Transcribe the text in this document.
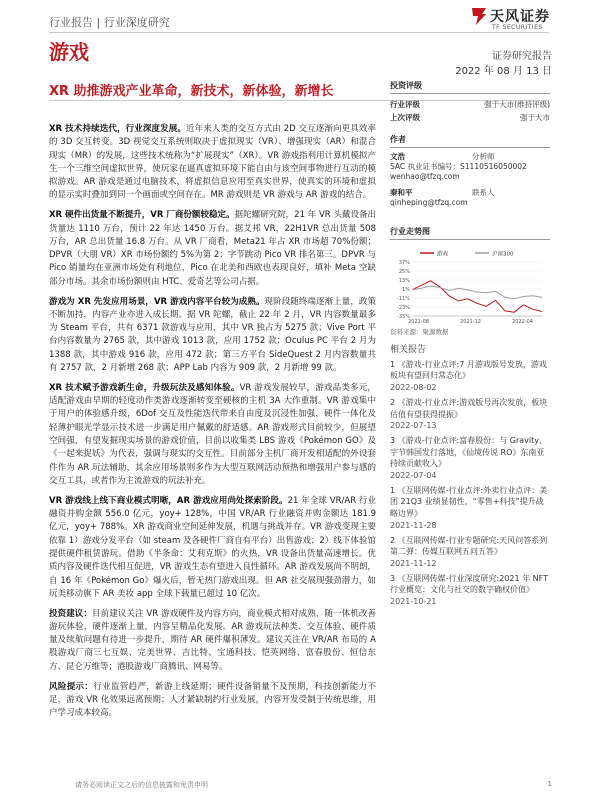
行业报告 | 行业深度研究	天风证券
TF SECURITIES
游戏	证券研究报告
2022 年 08 月 13 日
XR 助推游戏产业革命，新技术，新体验，新增长

XR 技术持续迭代，行业深度发展。近年来人类的交互方式由 2D 交互逐渐向更具效率的 3D 交互转变。3D 视觉交互系统则取决于虚拟现实（VR）、增强现实（AR）和混合现实（MR）的发展，这些技术统称为“扩展现实”（XR）。VR 游戏指利用计算机模拟产生一个三维空间虚拟世界，使玩家在逼真虚拟环境下能自由与该空间事物进行互动的模拟游戏。AR 游戏是通过电脑技术，将虚拟信息应用至真实世界，使真实的环境和虚拟的显示实时叠加到同一个画面或空间存在。MR 游戏则是 VR 游戏与 AR 游戏的结合。

XR 硬件出货量不断提升，VR 厂商份额较稳定。据陀螺研究院，21 年 VR 头戴设备出货量达 1110 万台，预计 22 年达 1450 万台。据艾邦 VR，22H1VR 总出货量 508 万台，AR 总出货量 16.8 万台。从 VR 厂商看，Meta21 年占 XR 市场超 70%份额；DPVR（大朋 VR）XR 市场份额约 5%为第 2；字节跳动 Pico VR 排名第三。DPVR 与 Pico 销量均在亚洲市场处有利地位，Pico 在北美和西欧也表现良好，填补 Meta 空缺部分市场。其余市场份额则由 HTC、爱奇艺等公司占据。

游戏为 XR 先发应用场景，VR 游戏内容平台较为成熟。现阶段随终端逐渐上量，政策不断加持，内容产业亦进入成长期。据 VR 陀螺，截止 22 年 2 月，VR 内容数量最多为 Steam 平台，共有 6371 款游戏与应用，其中 VR 独占为 5275 款；Vive Port 平台内容数量为 2765 款，其中游戏 1013 款，应用 1752 款；Oculus PC 平台 2 月为 1388 款，其中游戏 916 款，应用 472 款；第三方平台 SideQuest 2 月内容数量共有 2757 款，2 月新增 268 款；APP Lab 内容为 909 款，2 月新增 99 款。

XR 技术赋予游戏新生命，升级玩法及感知体验。VR 游戏发展较早，游戏品类多元，适配游戏由早期的轻度动作类游戏逐渐转变至硬核的主机 3A 大作重制。VR 游戏集中于用户的体验感升级，6Dof 交互及性能迭代带来自由度及沉浸性加强，硬件一体化及轻薄护眼光学显示技术进一步满足用户佩戴的舒适感。AR 游戏形式目前较少，但展望空间强，有望发掘现实场景的游戏价值，目前以收集类 LBS 游戏《Pokémon GO》及《一起来捉妖》为代表，强调与现实的交互性。目前部分主机厂商开发相适配的外设套件作为 AR 玩法辅助，其余应用场景则多作为大型互联网活动预热和增强用户参与感的交互工具，或者作为主流游戏的玩法补充。

VR 游戏线上线下商业模式明晰，AR 游戏应用尚处探索阶段。21 年全球 VR/AR 行业融资并购金额 556.0 亿元，yoy+ 128%，中国 VR/AR 行业融资并购金额达 181.9 亿元，yoy+ 788%。XR 游戏商业空间延伸发展，机遇与挑战并存。VR 游戏变现主要依靠 1）游戏分发平台（如 steam 及各硬件厂商自有平台）出售游戏；2）线下体验馆提供硬件租赁游玩。借助《半条命：艾利克斯》的火热，VR 设备出货量高速增长。优质内容及硬件迭代相互促进，VR 游戏生态有望进入良性循环。AR 游戏发展尚不明朗，自 16 年《Pokémon Go》爆火后，暂无热门游戏出现。但 AR 社交展现强劲潜力，如玩美移动旗下 AR 美妆 app 全球下载量已超过 10 亿次。

投资建议：目前建议关注 VR 游戏硬件及内容方向，商业模式相对成熟，随一体机改善游玩体验，硬件逐渐上量，内容呈精品化发展。AR 游戏玩法种类、交互体验、硬件质量及续航问题有待进一步提升，期待 AR 硬件爆积薄发。建议关注在 VR/AR 布局的 A 股游戏厂商三七互娱、完美世界、吉比特、宝通科技、恺英网络、富春股份、恒信东方、昆仑万维等；港股游戏厂商腾讯、网易等。

风险提示：行业监管趋严，新游上线延期；硬件设备销量不及预期，科技创新能力不足，游戏 VR 化效果远离预期；人才紧缺制约行业发展，内容开发受制于传统思维，用户学习成本较高。

投资评级
行业评级	强于大市(维持评级)
上次评级	强于大市
作者
文浩	分析师
SAC 执业证书编号：S1110516050002
wenhao@tfzq.com
秦和平	联系人
qinheping@tfzq.com
行业走势图
游戏	沪深300
37%
25%
13%
1%
-11%
-23%
-35%
2021-08	2021-12	2022-04
资料来源：聚源数据
相关报告
1 《游戏-行业点评:7 月游戏版号发放，游戏板块有望回归常态化》
2022-08-02
2 《游戏-行业点评:游戏版号再次发放，板块估值有望获得提振》
2022-07-13
3 《游戏-行业点评:富春股份：与 Gravity、字节韩国发行落地，《仙境传说 RO》东南亚持续贡献收入》
2022-07-04
1 《互联网传媒-行业点评:外卖行业点评：美团 21Q3 业绩显韧性，“零售+科技”提升战略边界》
2021-11-28
2 《互联网传媒-行业专题研究:天风问答系列第二弹：传媒互联网五问五答》
2021-11-12
3 《互联网传媒-行业深度研究:2021 年 NFT 行业概览：文化与社交的数字确权价值》
2021-10-21
请务必阅读正文之后的信息披露和免责申明	1
